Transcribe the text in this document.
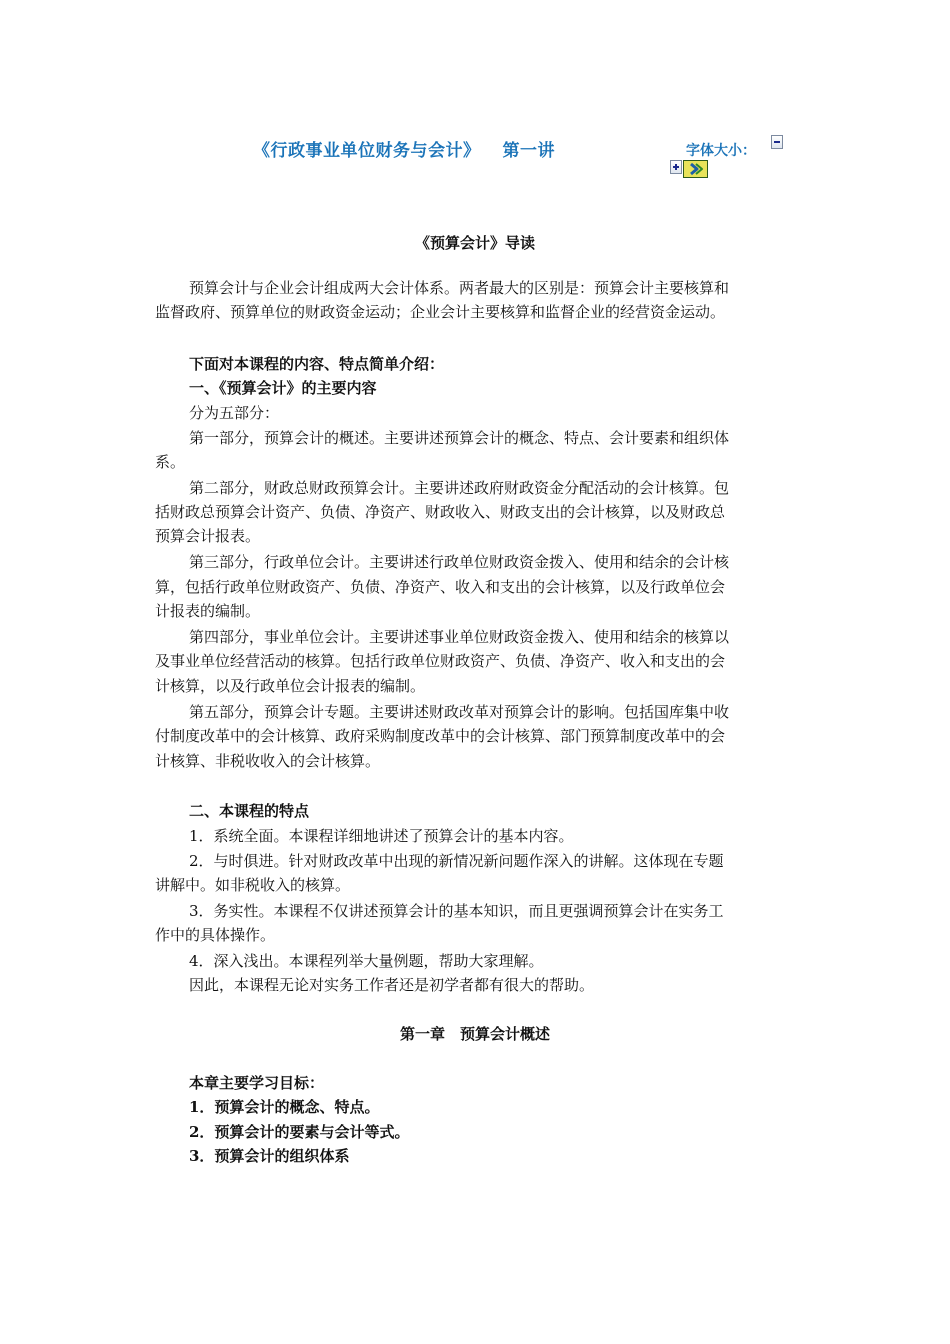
《行政事业单位财务与会计》 第一讲	字体大小：
《预算会计》导读
预算会计与企业会计组成两大会计体系。两者最大的区别是：预算会计主要核算和
监督政府、预算单位的财政资金运动；企业会计主要核算和监督企业的经营资金运动。
下面对本课程的内容、特点简单介绍：
一、《预算会计》的主要内容
分为五部分：
第一部分，预算会计的概述。主要讲述预算会计的概念、特点、会计要素和组织体
系。
第二部分，财政总财政预算会计。主要讲述政府财政资金分配活动的会计核算。包
括财政总预算会计资产、负债、净资产、财政收入、财政支出的会计核算，以及财政总
预算会计报表。
第三部分，行政单位会计。主要讲述行政单位财政资金拨入、使用和结余的会计核
算，包括行政单位财政资产、负债、净资产、收入和支出的会计核算，以及行政单位会
计报表的编制。
第四部分，事业单位会计。主要讲述事业单位财政资金拨入、使用和结余的核算以
及事业单位经营活动的核算。包括行政单位财政资产、负债、净资产、收入和支出的会
计核算，以及行政单位会计报表的编制。
第五部分，预算会计专题。主要讲述财政改革对预算会计的影响。包括国库集中收
付制度改革中的会计核算、政府采购制度改革中的会计核算、部门预算制度改革中的会
计核算、非税收收入的会计核算。
二、本课程的特点
1．系统全面。本课程详细地讲述了预算会计的基本内容。
2．与时俱进。针对财政改革中出现的新情况新问题作深入的讲解。这体现在专题
讲解中。如非税收入的核算。
3．务实性。本课程不仅讲述预算会计的基本知识，而且更强调预算会计在实务工
作中的具体操作。
4．深入浅出。本课程列举大量例题，帮助大家理解。
因此，本课程无论对实务工作者还是初学者都有很大的帮助。
第一章　预算会计概述
本章主要学习目标：
1．预算会计的概念、特点。
2．预算会计的要素与会计等式。
3．预算会计的组织体系
